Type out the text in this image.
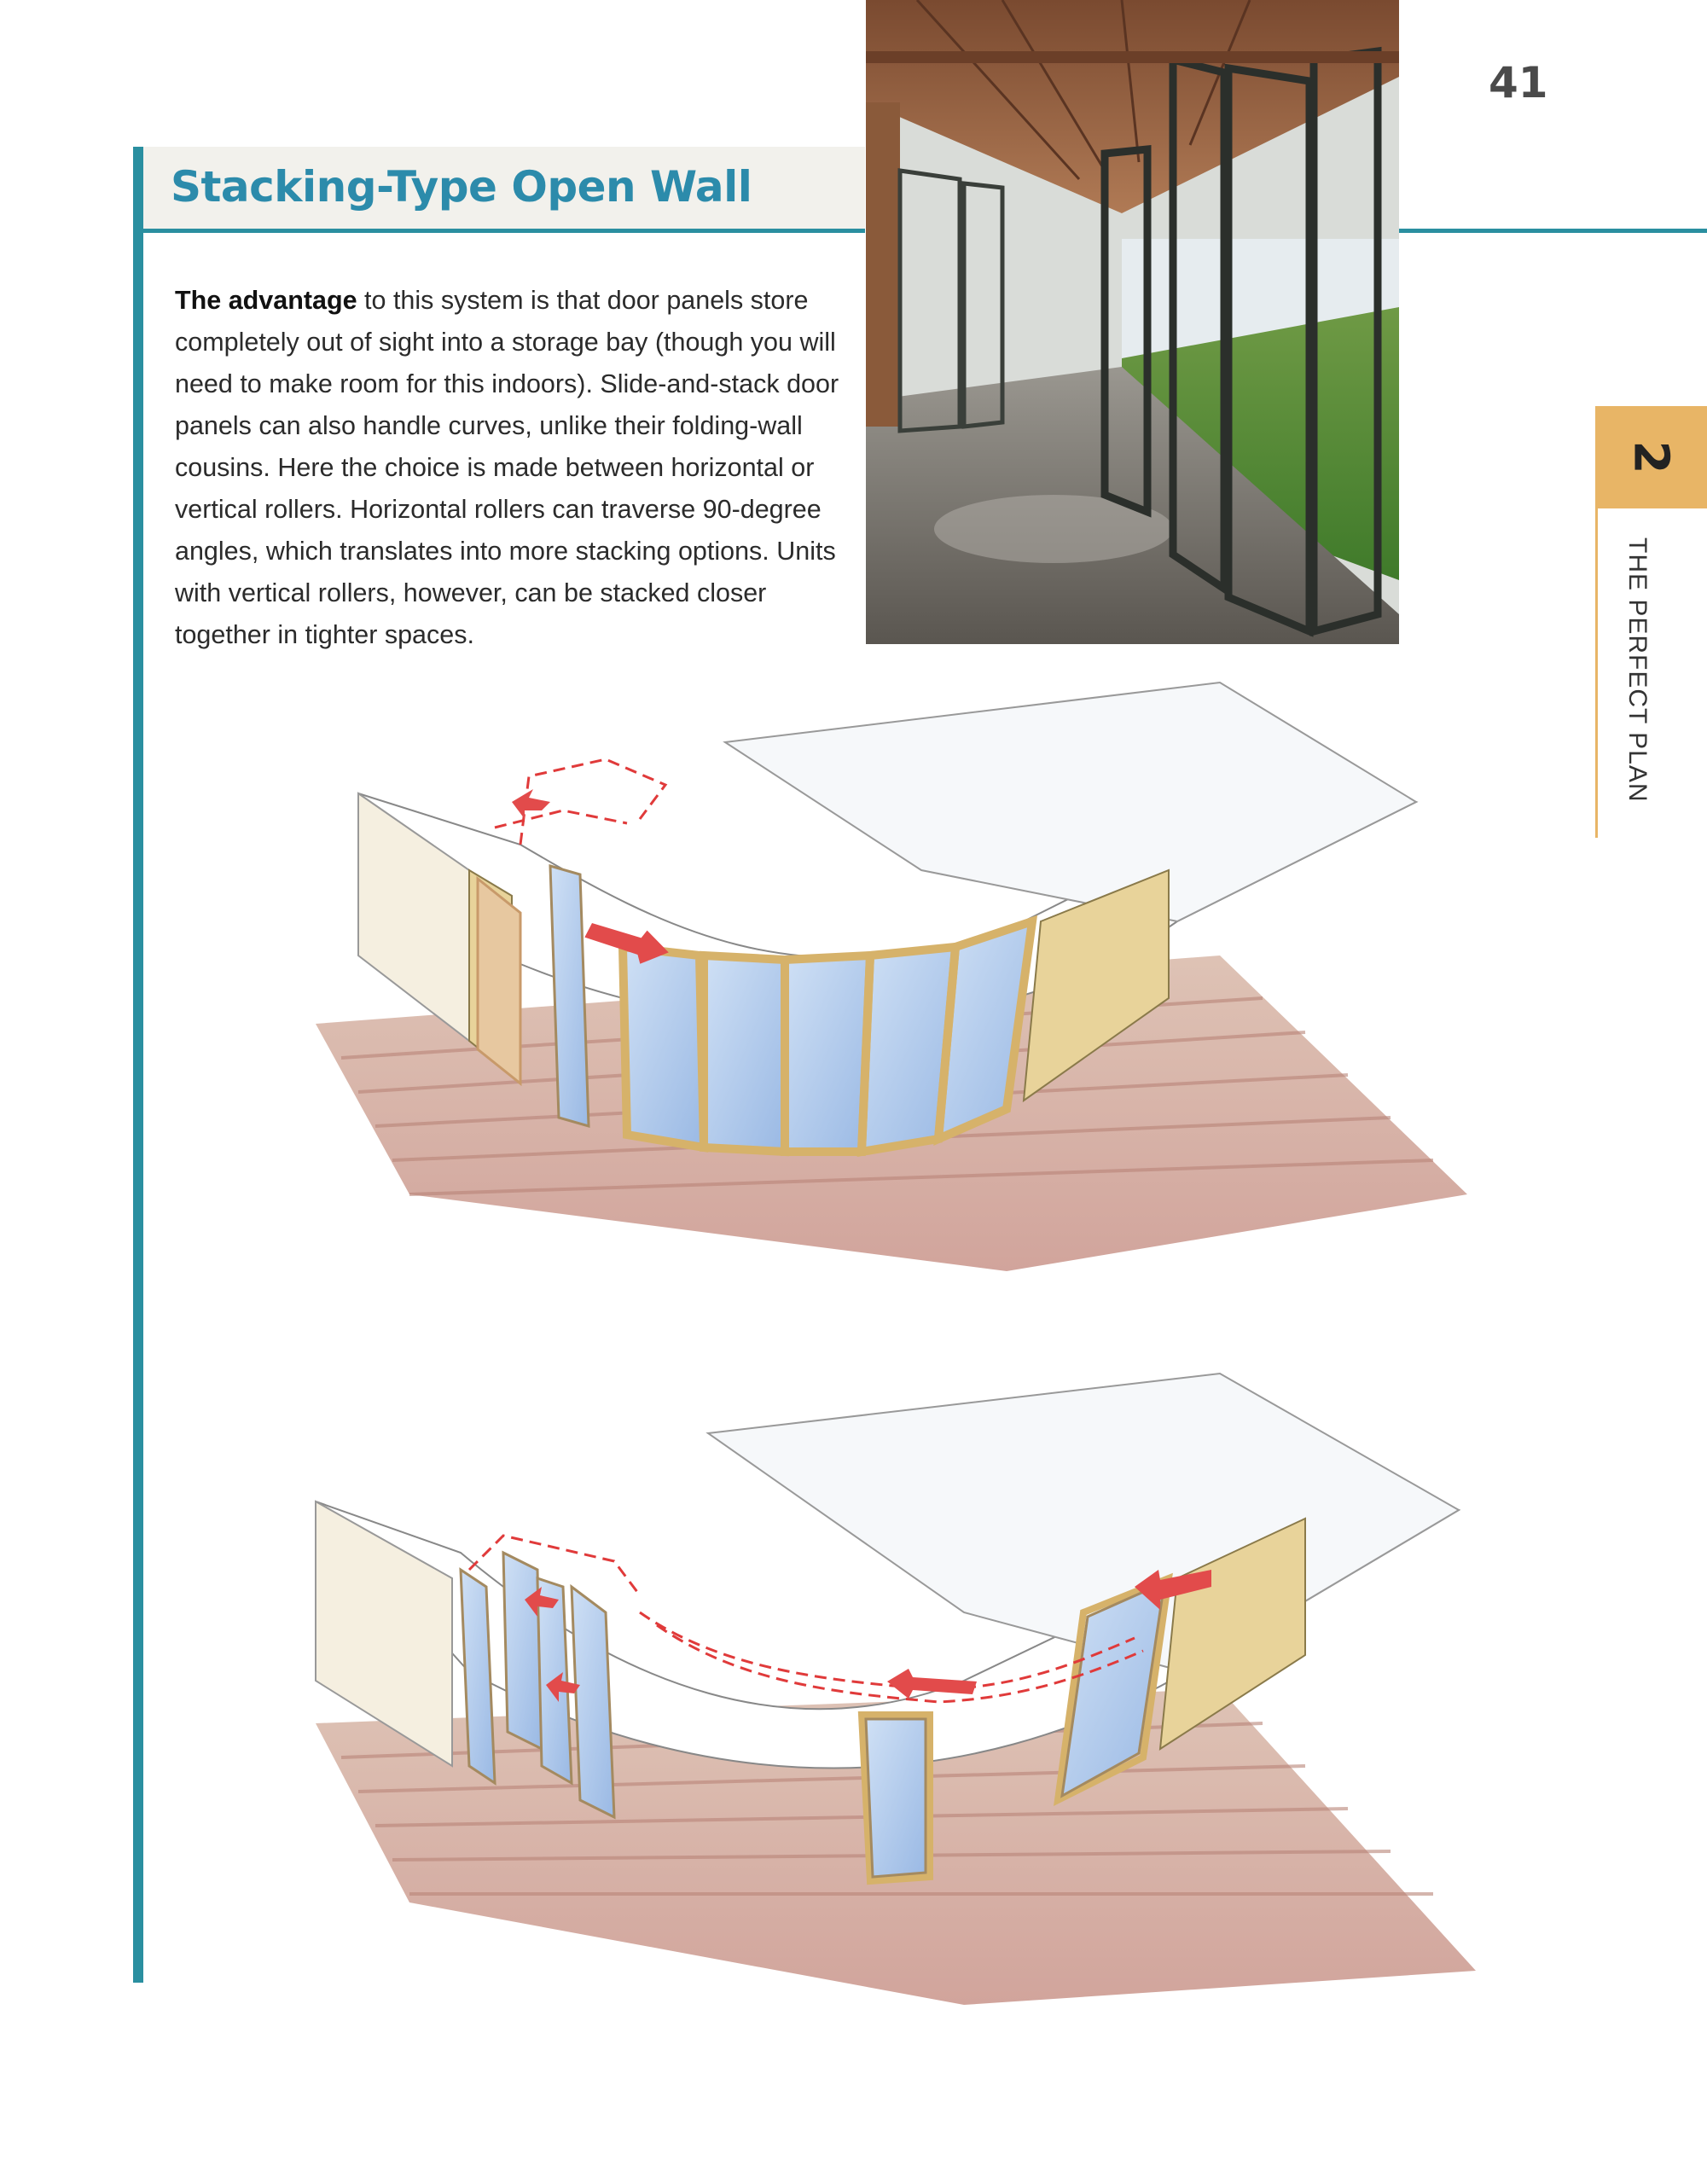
41
Stacking-Type Open Wall

The advantage to this system is that door panels store completely out of sight into a storage bay (though you will need to make room for this indoors). Slide-and-stack door panels can also handle curves, unlike their folding-wall cousins. Here the choice is made between horizontal or vertical rollers. Horizontal rollers can traverse 90-degree angles, which translates into more stacking options. Units with vertical rollers, however, can be stacked closer together in tighter spaces.

2
THE PERFECT PLAN
